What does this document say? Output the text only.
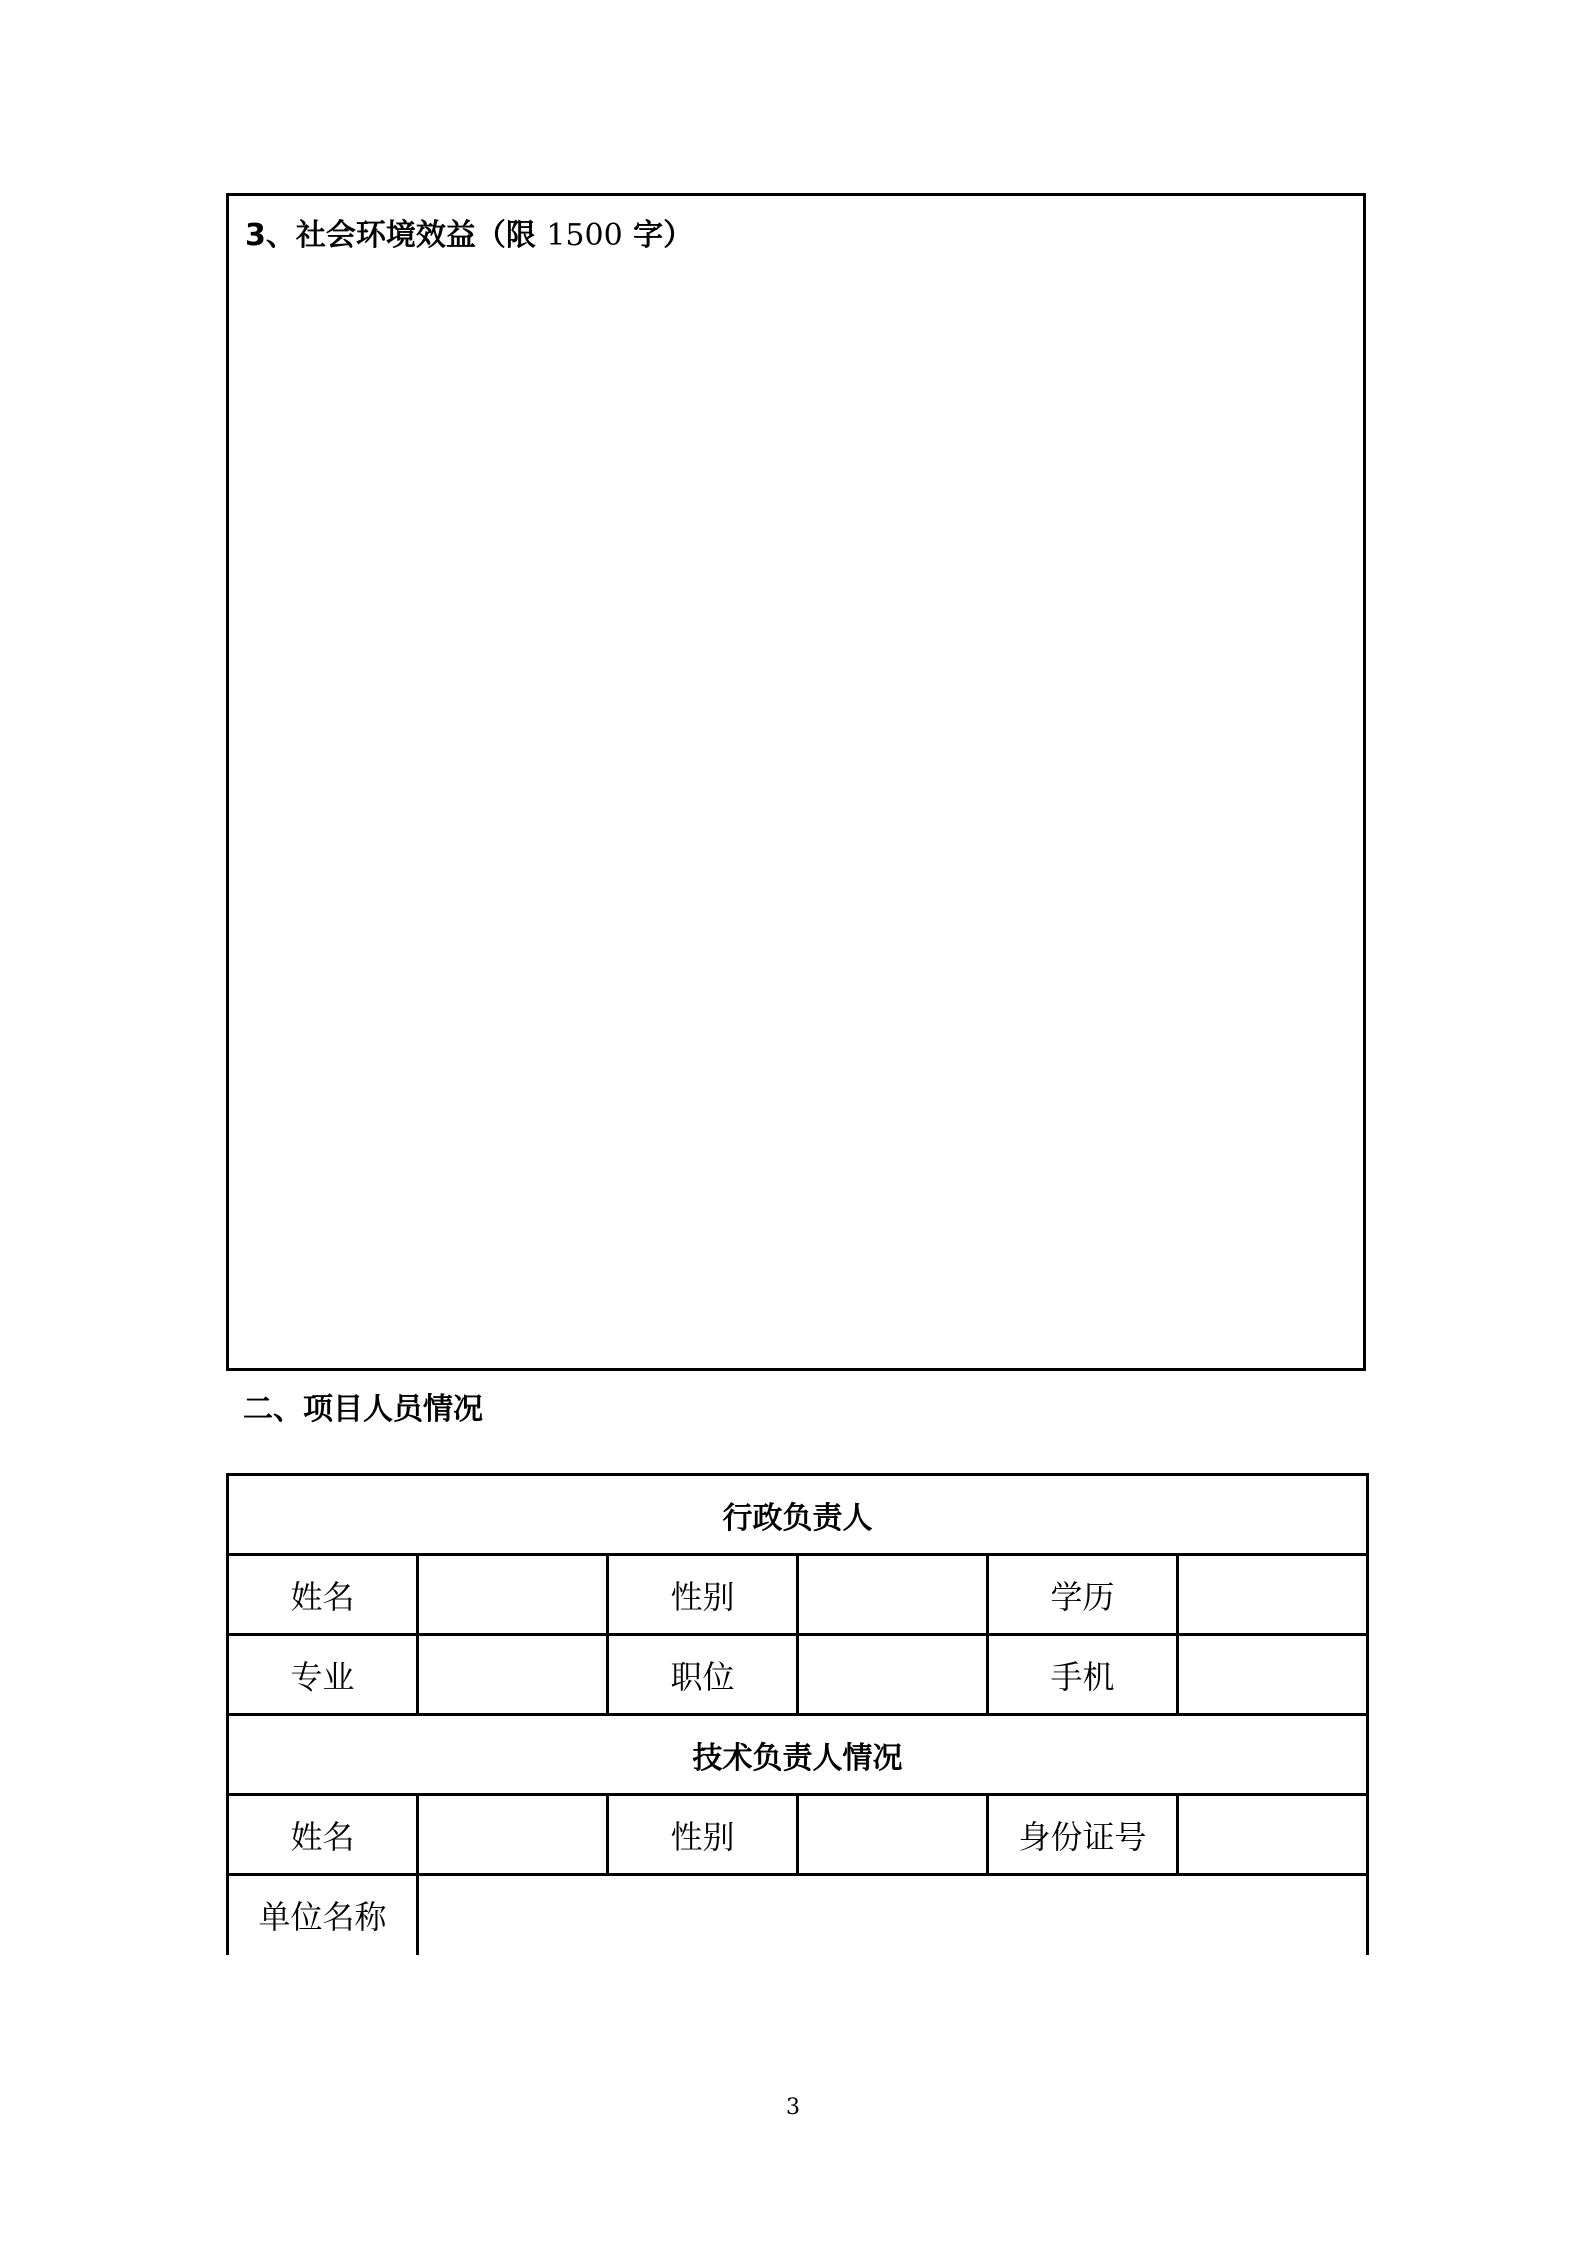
3、社会环境效益（限 1500 字）
二、项目人员情况
行政负责人					
姓名		性别		学历	
专业		职位		手机	
技术负责人情况					
姓名		性别		身份证号	
单位名称					
3
